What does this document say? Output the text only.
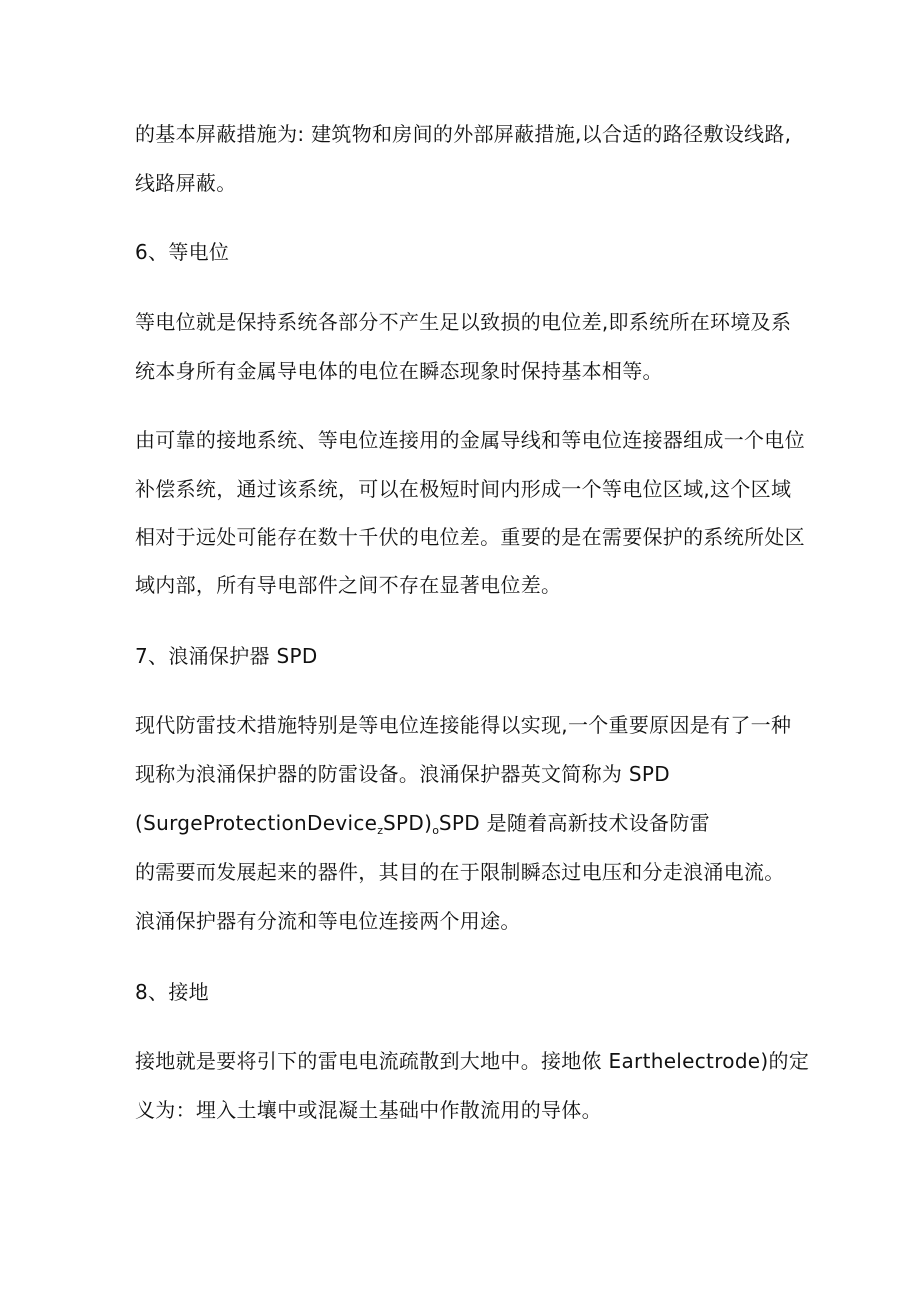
的基本屏蔽措施为: 建筑物和房间的外部屏蔽措施,以合适的路径敷设线路,
线路屏蔽。
6、等电位
等电位就是保持系统各部分不产生足以致损的电位差,即系统所在环境及系
统本身所有金属导电体的电位在瞬态现象时保持基本相等。
由可靠的接地系统、等电位连接用的金属导线和等电位连接器组成一个电位
补偿系统，通过该系统，可以在极短时间内形成一个等电位区域,这个区域
相对于远处可能存在数十千伏的电位差。重要的是在需要保护的系统所处区
域内部，所有导电部件之间不存在显著电位差。
7、浪涌保护器 SPD
现代防雷技术措施特别是等电位连接能得以实现,一个重要原因是有了一种
现称为浪涌保护器的防雷设备。浪涌保护器英文简称为 SPD
$(SurgeProtectionDevice_zSPD)_oSPD$ 是随着高新技术设备防雷
的需要而发展起来的器件，其目的在于限制瞬态过电压和分走浪涌电流。
浪涌保护器有分流和等电位连接两个用途。
8、接地
接地就是要将引下的雷电电流疏散到大地中。接地侬 Earthelectrode)的定
义为：埋入土壤中或混凝土基础中作散流用的导体。
